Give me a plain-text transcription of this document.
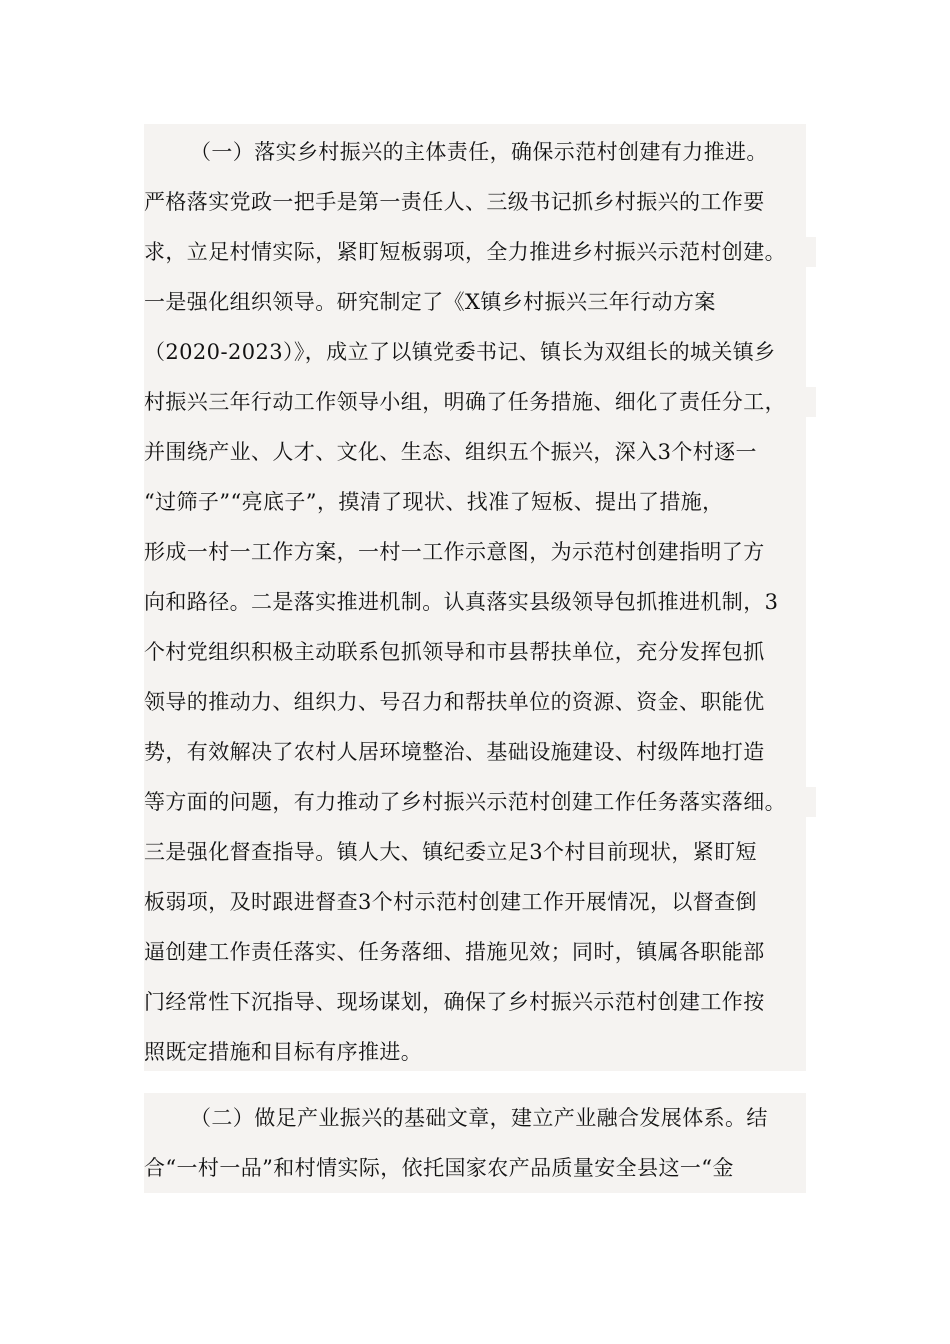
（一）落实乡村振兴的主体责任，确保示范村创建有力推进。
严格落实党政一把手是第一责任人、三级书记抓乡村振兴的工作要
求，立足村情实际，紧盯短板弱项，全力推进乡村振兴示范村创建。
一是强化组织领导。研究制定了《X镇乡村振兴三年行动方案
（2020-2023）》，成立了以镇党委书记、镇长为双组长的城关镇乡
村振兴三年行动工作领导小组，明确了任务措施、细化了责任分工，
并围绕产业、人才、文化、生态、组织五个振兴，深入3个村逐一
“过筛子”“亮底子”，摸清了现状、找准了短板、提出了措施，
形成一村一工作方案，一村一工作示意图，为示范村创建指明了方
向和路径。二是落实推进机制。认真落实县级领导包抓推进机制，3
个村党组织积极主动联系包抓领导和市县帮扶单位，充分发挥包抓
领导的推动力、组织力、号召力和帮扶单位的资源、资金、职能优
势，有效解决了农村人居环境整治、基础设施建设、村级阵地打造
等方面的问题，有力推动了乡村振兴示范村创建工作任务落实落细。
三是强化督查指导。镇人大、镇纪委立足3个村目前现状，紧盯短
板弱项，及时跟进督查3个村示范村创建工作开展情况，以督查倒
逼创建工作责任落实、任务落细、措施见效；同时，镇属各职能部
门经常性下沉指导、现场谋划，确保了乡村振兴示范村创建工作按
照既定措施和目标有序推进。
（二）做足产业振兴的基础文章，建立产业融合发展体系。结
合“一村一品”和村情实际，依托国家农产品质量安全县这一“金
